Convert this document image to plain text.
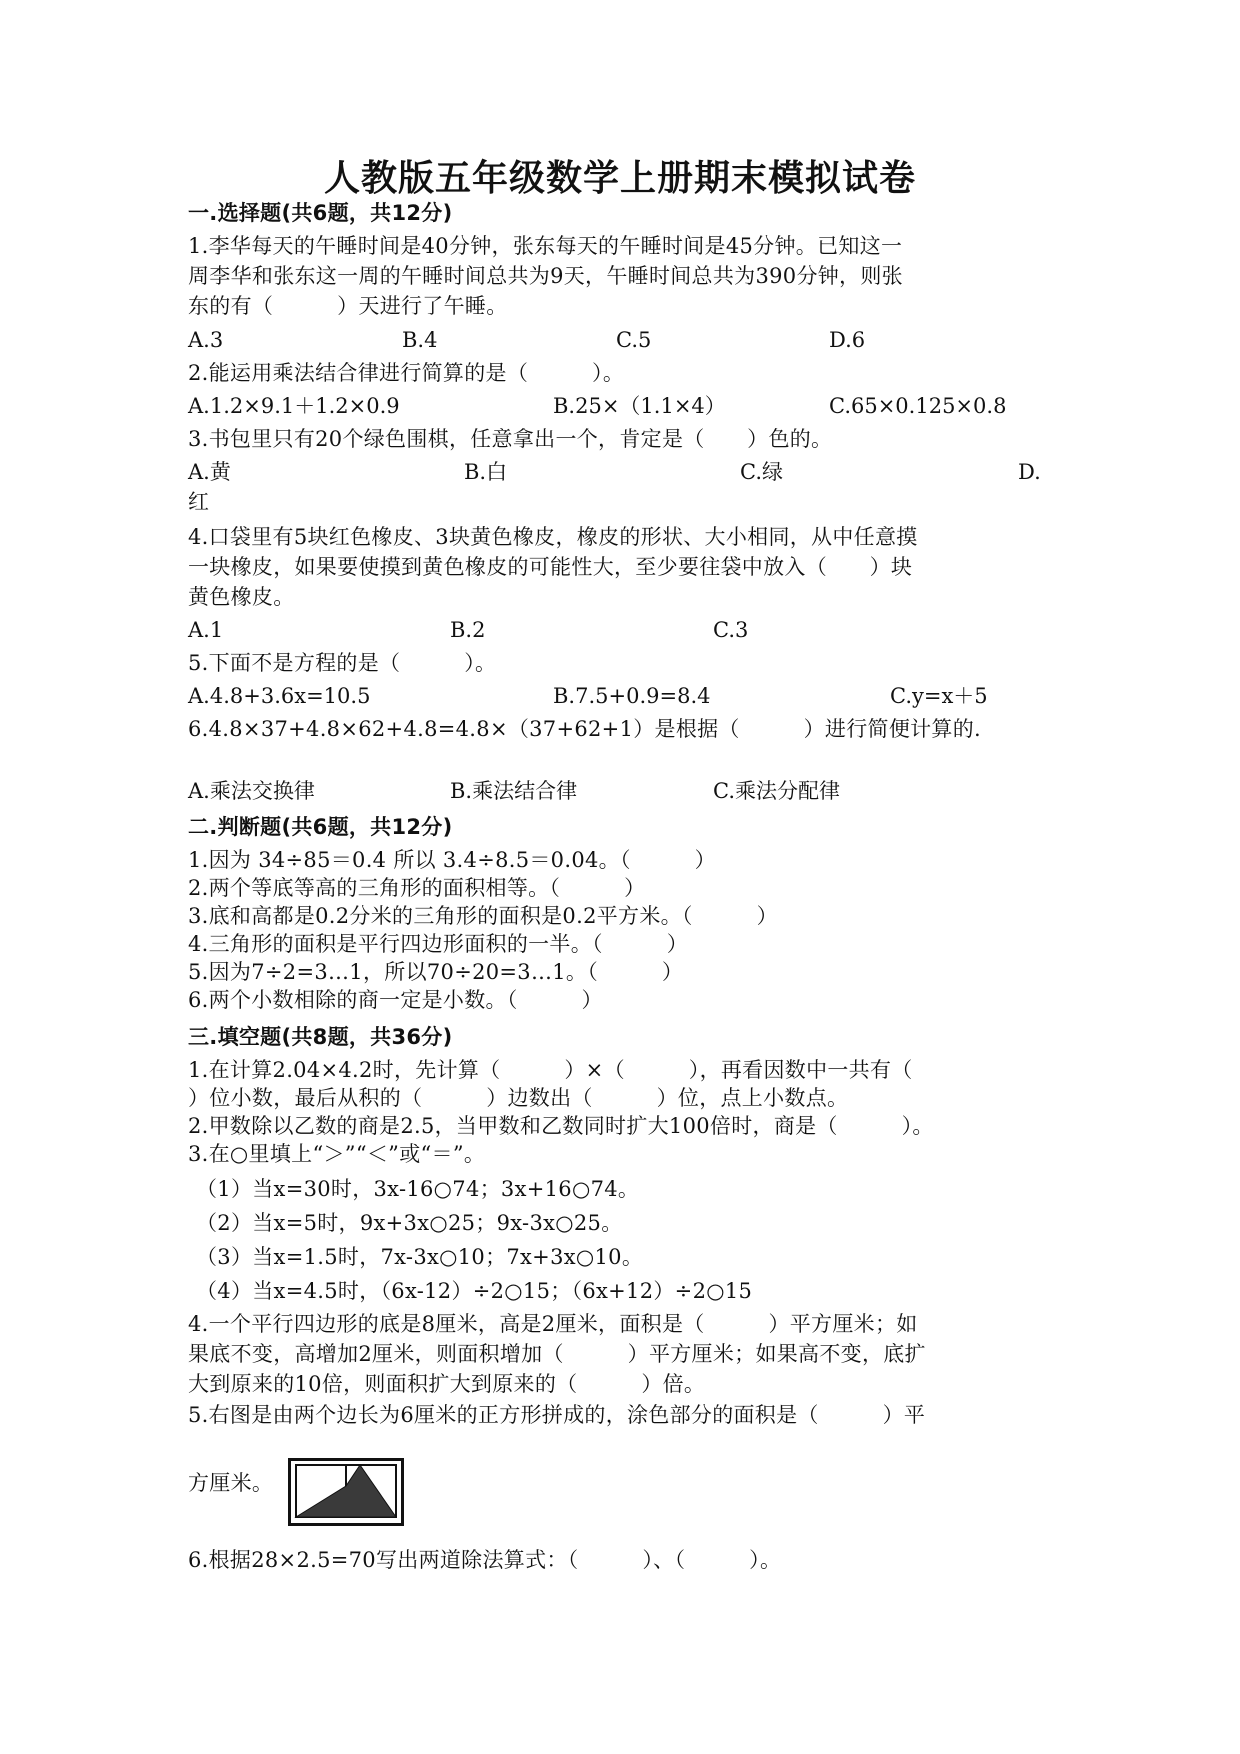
人教版五年级数学上册期末模拟试卷
一.选择题(共6题，共12分)
1.李华每天的午睡时间是40分钟，张东每天的午睡时间是45分钟。已知这一
周李华和张东这一周的午睡时间总共为9天，午睡时间总共为390分钟，则张
东的有（　　　）天进行了午睡。
A.3	B.4	C.5	D.6
2.能运用乘法结合律进行简算的是（　　　）。
A.1.2×9.1＋1.2×0.9	B.25×（1.1×4）	C.65×0.125×0.8
3.书包里只有20个绿色围棋，任意拿出一个，肯定是（　　）色的。
A.黄	B.白	C.绿	D.
红
4.口袋里有5块红色橡皮、3块黄色橡皮，橡皮的形状、大小相同，从中任意摸
一块橡皮，如果要使摸到黄色橡皮的可能性大，至少要往袋中放入（　　）块
黄色橡皮。
A.1	B.2	C.3
5.下面不是方程的是（　　　）。
A.4.8+3.6x=10.5	B.7.5+0.9=8.4	C.y=x＋5
6.4.8×37+4.8×62+4.8=4.8×（37+62+1）是根据（　　　）进行简便计算的.
A.乘法交换律	B.乘法结合律	C.乘法分配律
二.判断题(共6题，共12分)
1.因为 34÷85＝0.4 所以 3.4÷8.5＝0.04。（　　　）
2.两个等底等高的三角形的面积相等。（　　　）
3.底和高都是0.2分米的三角形的面积是0.2平方米。（　　　）
4.三角形的面积是平行四边形面积的一半。（　　　）
5.因为7÷2=3…1，所以70÷20=3…1。（　　　）
6.两个小数相除的商一定是小数。（　　　）
三.填空题(共8题，共36分)
1.在计算2.04×4.2时，先计算（　　　）×（　　　），再看因数中一共有（
）位小数，最后从积的（　　　）边数出（　　　）位，点上小数点。
2.甲数除以乙数的商是2.5，当甲数和乙数同时扩大100倍时，商是（　　　）。
3.在○里填上“＞”“＜”或“＝”。
（1）当x=30时，3x-16○74；3x+16○74。
（2）当x=5时，9x+3x○25；9x-3x○25。
（3）当x=1.5时，7x-3x○10；7x+3x○10。
（4）当x=4.5时，（6x-12）÷2○15；（6x+12）÷2○15
4.一个平行四边形的底是8厘米，高是2厘米，面积是（　　　）平方厘米；如
果底不变，高增加2厘米，则面积增加（　　　）平方厘米；如果高不变，底扩
大到原来的10倍，则面积扩大到原来的（　　　）倍。
5.右图是由两个边长为6厘米的正方形拼成的，涂色部分的面积是（　　　）平
方厘米。
6.根据28×2.5=70写出两道除法算式：（　　　）、（　　　）。
